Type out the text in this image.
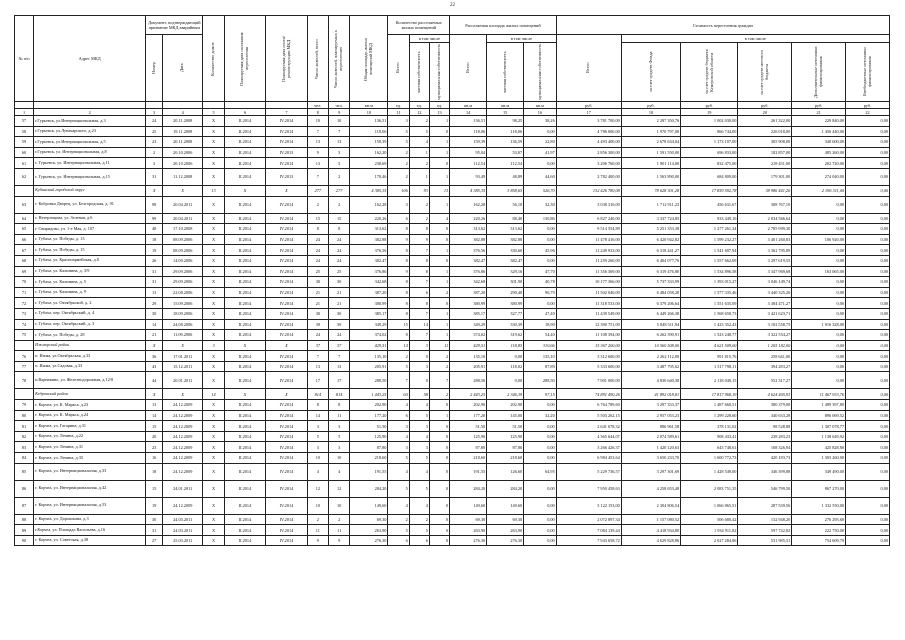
22
№ п/п	Адрес МКД	Документ, подтверждающий признание МКД аварийным		Количество домов	Планируемая дата окончания переселения	Планируемая дата сноса/реконструкции МКД	Число жителей, всего	Число жителей, планируемых к переселению	Общая площадь жилых помещений МКД	Количество расселяемых жилых помещений			Расселяемая площадь жилых помещений			Стоимость переселения граждан					

		Номер	Дата							Всего	в том числе		Всего	в том числе		Всего	в том числе				

											частная собственность	муниципальная собственность		частная собственность	муниципальная собственность		за счет средств Фонда	за счет средств бюджета Кемеровской области	за счет средств местного бюджета	Дополнительные источники финансирования	Внебюджетные источники финансирования

							чел.	чел.	кв.м	ед.	ед.	ед.	кв.м	кв.м	кв.м	руб.	руб.	руб.	руб.	руб.	руб.
1	2	3	4	5	6	7	8	9	10	11	12	13	14	15	16	17	18	19	20	21	22
57	г.Гурьевск, ул.Интернациональная, д.3	24	20.11.2008	X	II.2014	IV.2014	10	10	136,51	3	2	1	136,51	98,25	38,26	3 781 700,00	2 287 350,76	1 002 030,00	261 322,00	229 840,00	0,00
58	г.Гурьевск, ул.Луначарского, д.23	25	19.11.2008	X	II.2014	IV.2014	7	7	118,06	5	5	0	118,06	118,06	0,00	4 786 000,00	1 970 797,00	866 744,00	226 018,00	1 456 440,00	0,00
59	г.Гурьевск, ул.Интернациональная, д.5	23	20.11.2008	X	II.2014	IV.2014	13	13	159,39	5	4	1	159,39	136,59	22,80	4 493 400,00	2 678 634,04	1 173 107,00	305 908,00	340 600,00	0,00
60	г.Гурьевск, ул. Интернациональная, д.8	2	20.10.2006	X	II.2014	IV.2013	9	3	162,20	2	1	1	95,04	53,07	41,97	2 856 300,00	1 591 550,00	696 833,00	182 857,00	485 260,00	0,00
61	г. Гурьевск, ул. Интернациональная, д.11	3	20.10.2006	X	II.2014	IV.2014	13	5	238,69	2	2	0	112,54	112,54	0,00	3 206 760,00	1 901 114,00	832 475,00	218 451,00	202 720,00	0,00
62	г. Гурьевск, ул. Интернациональная, д.15	31	11.12.2008	X	II.2014	IV.2013	7	2	178,46	2	1	1	93,49	48,89	44,60	2 782 400,00	1 563 890,00	684 809,00	179 301,00	274 040,00	0,00
	Кубинский городской округ	X	X	13	X	X	277	277	4 385,35	106	93	13	4 385,35	3 858,65	526,70	132 426 780,08	78 628 301,28	17 859 592,78	38 986 441,26	2 196 311,00	0,00
63	г. Кобровка Дворец, ул. Белгородская, д. 91	98	20.04.2011	X	II.2014	IV.2014	2	2	162,28	3	2	1	162,28	56,10	32,30	3 038 310,00	1 712 911,23	456 631,67	308 767,10	0,00	0,00
64	г. Нетерлицова, ул. Зеленая, д.6	99	20.04.2011	X	II.2014	IV.2014	15	15	220,26	6	2	4	220,26	88,40	130,86	6 827 240,00	3 337 724,85	933 449,10	2 034 566,64	0,00	0,00
65	г. Свиридово, ул. 1-е Мая, д. 107	48	17.10.2008	X	II.2014	IV.2014	8	8	313,62	8	8	0	313,62	313,62	0,00	9 514 554,89	5 251 353,38	1 277 261,34	2 785 999,30	0,00	0,00
66	г. Губаха, ул. Победы, д. 13	18	08.09.2006	X	II.2014	IV.2014	24	24	382,88	9	9	0	382,88	382,88	0,00	11 478 416,00	6 420 942,82	1 599 232,27	3 401 260,83	106 920,00	0,00
67	г. Губаха, ул. Победы, д. 15	19	08.09.2006	X	II.2014	IV.2014	24	24	376,56	8	7	1	376,56	330,60	45,96	11 249 933,00	6 318 441,27	1 541 697,94	3 362 795,89	0,00	0,00
68	г. Губаха, ул. Красноармейская, д.8	26	14.09.2006	X	II.2014	IV.2014	24	24	382,47	8	8	0	382,47	382,47	0,00	11 259 260,00	6 404 077,76	1 557 662,69	3 297 619,55	0,00	0,00
69	г. Губаха, ул. Калинина, д. 3/9	31	29.09.2006	X	II.2014	IV.2014	25	25	376,86	9	8	1	376,86	329,16	47,70	11 356 369,00	6 319 476,80	1 534 896,58	3 347 969,68	163 065,00	0,00
70	г. Губаха, ул. Калинина, д. 5	31	29.09.2006	X	II.2014	IV.2014	30	30	342,68	8	7	1	342,68	301,90	40,78	10 177 366,00	5 737 333,99	1 393 015,27	3 046 149,74	0,00	0,00
71	г. Губаха, ул. Калинина, д. 9	13	22.08.2006	X	II.2014	IV.2014	21	21	387,20	8	6	2	387,20	290,40	96,79	11 502 040,00	6 484 058,28	1 577 335,46	3 440 325,26	0,00	0,00
72	г. Губаха, ул. Октябрьской, д. 2	29	15.09.2006	X	II.2014	IV.2014	21	21	380,99	8	8	0	380,99	380,99	0,00	11 318 533,00	6 379 206,64	1 551 635,09	3 384 471,27	0,00	0,00
73	г. Губаха, пер. Октябрьский, д. 4	30	18.09.2006	X	II.2014	IV.2014	30	30	385,17	8	7	1	385,17	327,77	47,40	11 439 549,00	6 449 266,38	1 568 658,73	3 421 623,71	0,00	0,00
74	г. Губаха, пер. Октябрьский, д. 3	14	24.08.2006	X	II.2014	IV.2014	39	39	349,29	15	14	1	349,29	330,39	18,90	12 390 751,00	5 848 511,94	1 423 352,43	3 102 558,75	1 916 328,00	0,00
75	г. Губаха, ул. Победы, д. 28	21	11.09.2006	X	II.2014	IV.2014	24	24	374,02	8	7	1	374,02	319,62	54,40	11 108 394,00	6 262 590,91	1 523 248,77	3 322 554,27	0,00	0,00
	Ижморский район	X	X	3	X	X	37	37	429,51	14	3	11	429,51	118,85	310,66	15 367 200,00	10 560 508,00	4 621 509,00	1 205 182,00	0,00	0,00
76	п. Ижма, ул.Октябрьская, д.33	36	17.01.2011	X	II.2014	IV.2014	7	7	135,10	2	0	2	135,10	0,00	135,10	3 312 600,00	2 262 112,00	991 815,76	258 641,00	0,00	0,00
77	п. Ижма, ул.Садовая, д.33	43	15.12.2011	X	II.2014	IV.2014	13	13	205,91	5	3	2	205,91	118,02	87,89	5 333 600,00	3 487 795,62	1 517 798,11	394 283,27	0,00	0,00
78	п.Варнавино, ул. Железнодорожная, д.12/8	44	20.01.2011	X	II.2014	IV.2014	17	17	288,50	7	0	7	288,50	0,00	288,50	7 901 000,00	4 830 640,38	2 118 049,15	552 317,27	0,00	0,00
	Кедровский район	X	X	14	X	X	814	814	1 443,25	60	58	2	2 443,25	2 346,39	97,15	74 891 490,26	41 892 018,81	17 817 968,19	4 624 405,93	11 467 933,76	0,00
79	г. Корчеа, ул. К. Маркса, д.23	13	24.12.2009	X	II.2014	IV.2014	8	8	202,90	4	4	0	202,90	202,90	0,00	6 764 789,60	3 297 353,37	1 487 660,51	380 379,00	1 489 397,80	0,00
80	г. Корчеа, ул. К. Маркса, д.24	14	24.12.2009	X	II.2014	IV.2014	14	11	177,20	6	5	1	177,20	145,00	32,20	5 503 262,15	2 957 053,23	1 299 228,60	340 633,28	896 069,52	0,00
81	г. Корчеа, ул. Гагарина, д.31	15	24.12.2009	X	II.2014	IV.2014	3	3	51,50	3	3	0	51,50	51,50	0,00	2 641 678,32	886 961,58	378 131,02	98 528,88	1 307 078,77	0,00
82	г. Корчеа, ул. Ленина, д.22	20	24.12.2009	X	II.2014	IV.2014	5	5	125,90	4	4	0	125,90	125,90	0,00	4 365 644,07	2 074 589,61	908 433,41	238 283,23	1 138 649,92	0,00
83	г. Корчеа, ул. Ленина, д.31	23	24.12.2009	X	II.2014	IV.2014	3	3	87,80	3	3	0	87,80	87,80	0,00	3 266 426,37	1 420 120,63	643 748,61	168 326,94	425 828,80	0,00
84	г. Корчеа, ул. Ленина, д.35	16	24.12.2009	X	II.2014	IV.2014	10	10	218,60	5	5	0	218,60	218,60	0,00	6 984 453,64	3 650 233,70	1 600 772,73	420 183,73	1 303 260,00	0,00
85	г. Корчеа, ул. Интернациональная, д.33	18	24.12.2009	X	II.2014	IV.2014	4	4	191,55	4	4	0	191,55	126,60	64,95	5 229 736,57	3 297 301,69	1 428 549,00	346 399,88	349 490,00	0,00
86	г. Корчеа, ул. Интернациональная, д.42	15	24.01.2011	X	II.2014	IV.2014	12	12	284,20	5	5	0	284,20	284,20	0,00	7 950 458,63	4 258 653,48	2 083 751,35	546 799,50	867 270,00	0,00
87	г. Корчеа, ул. Интернациональная, д.53	19	24.12.2009	X	II.2014	IV.2014	10	10	149,60	4	4	0	149,60	149,60	0,00	5 122 153,00	2 304 806,54	1 066 865,51	287 539,56	1 332 550,00	0,00
88	г. Корчеа, ул. Дорошкина, д.3	30	24.03.2011	X	II.2014	IV.2014	2	2	69,30	2	2	0	69,30	69,30	0,00	2 072 897,34	1 157 080,52	506 680,42	132 948,20	276 295,60	0,00
89	г.Корчеа, ул. Площадь Васильева, д.16	31	24.03.2011	X	II.2014	IV.2014	11	11	263,90	5	5	0	263,90	263,90	0,00	7 084 139,44	4 418 934,80	1 934 911,82	597 742,82	222 750,00	0,00
90	г. Корчеа, ул. Советская, д.38	27	25.03.2011	X	II.2014	IV.2014	9	9	276,30	6	6	0	276,30	276,30	0,00	7 943 658,72	4 629 828,86	2 027 284,86	531 985,31	754 609,79	0,00
